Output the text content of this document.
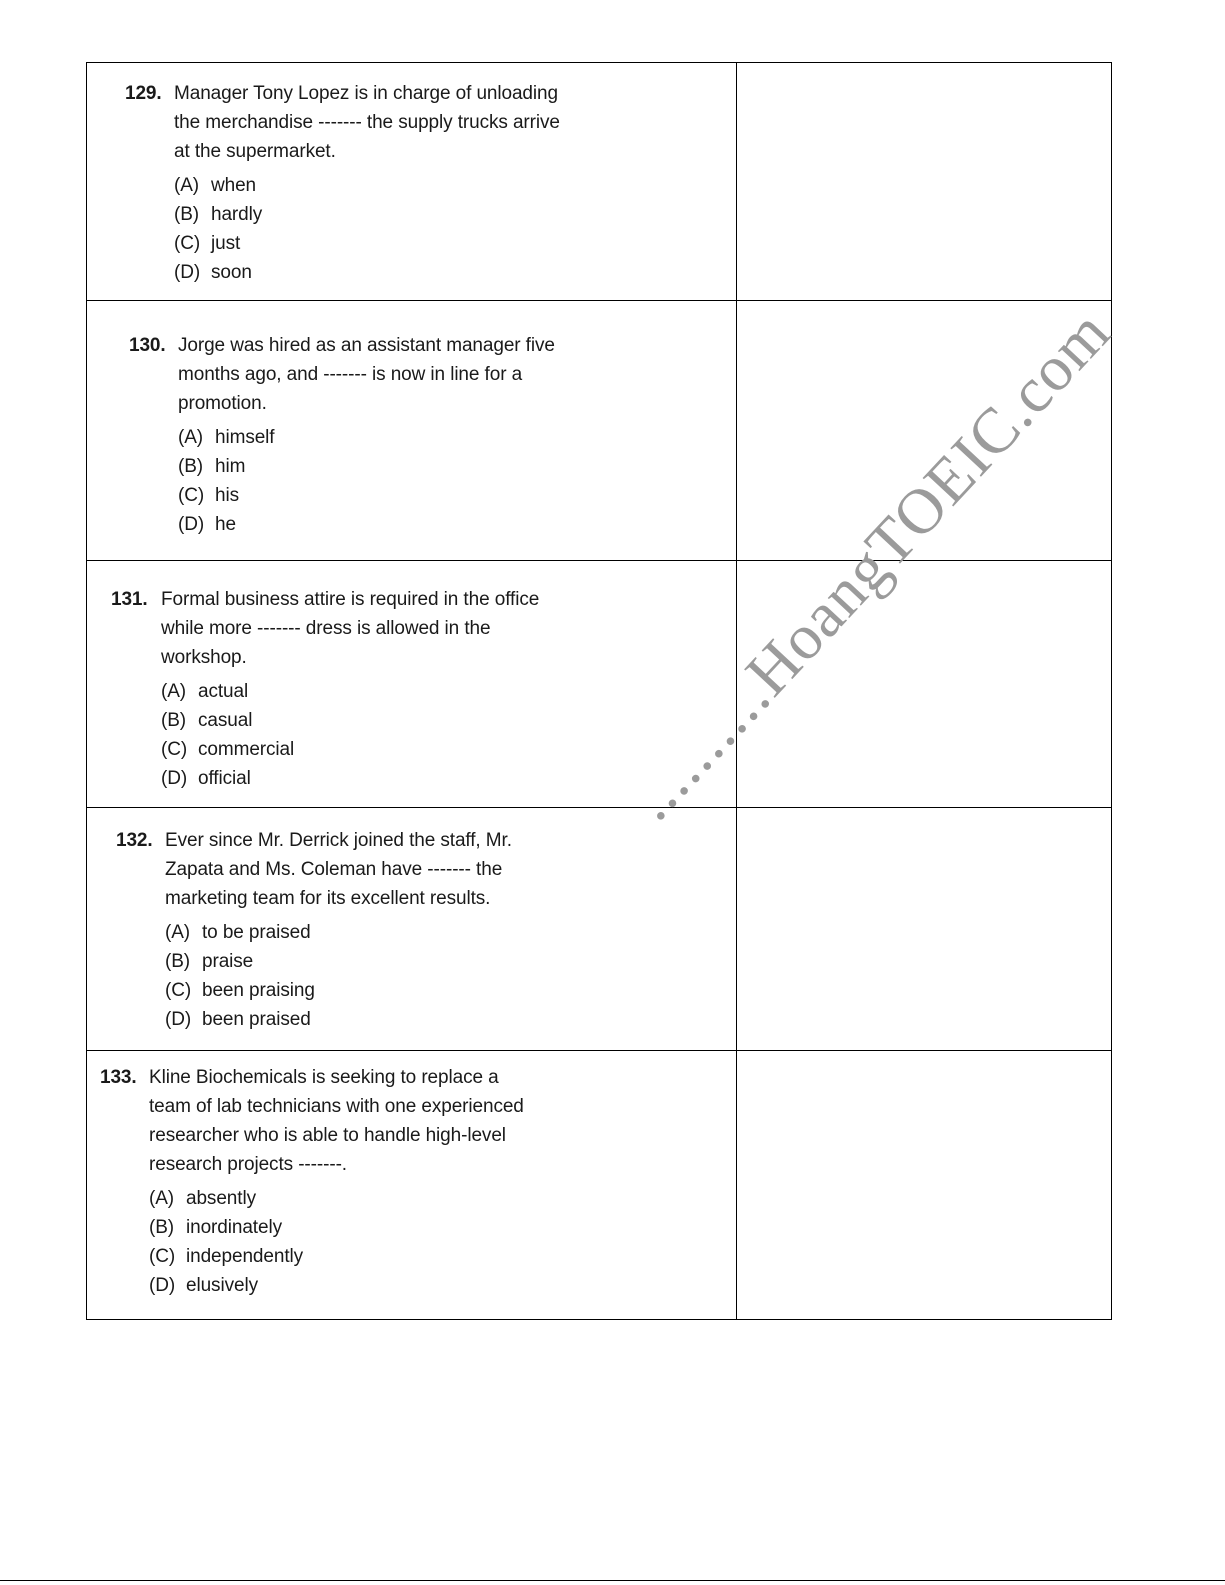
129. Manager Tony Lopez is in charge of unloading
the merchandise ------- the supply trucks arrive
at the supermarket.
(A) when
(B) hardly
(C) just
(D) soon
130. Jorge was hired as an assistant manager five
months ago, and ------- is now in line for a
promotion.
(A) himself
(B) him
(C) his
(D) he
131. Formal business attire is required in the office
while more ------- dress is allowed in the
workshop.
(A) actual
(B) casual
(C) commercial
(D) official
132. Ever since Mr. Derrick joined the staff, Mr.
Zapata and Ms. Coleman have ------- the
marketing team for its excellent results.
(A) to be praised
(B) praise
(C) been praising
(D) been praised
133. Kline Biochemicals is seeking to replace a
team of lab technicians with one experienced
researcher who is able to handle high-level
research projects -------.
(A) absently
(B) inordinately
(C) independently
(D) elusively
..........HoangTOEIC.com
